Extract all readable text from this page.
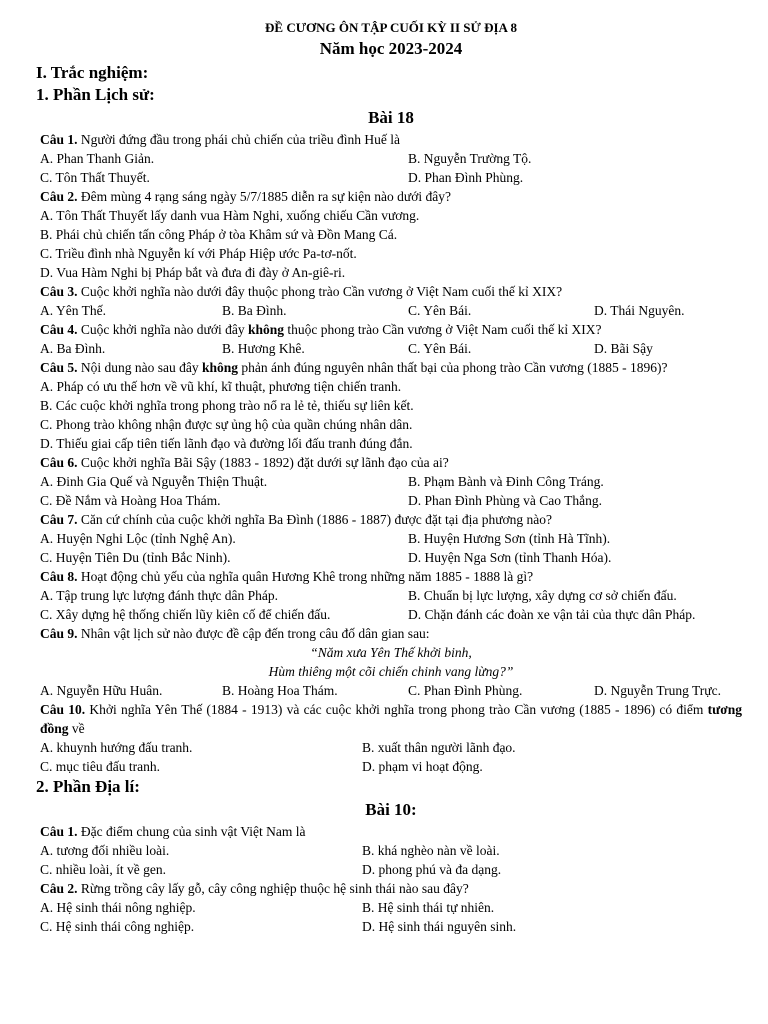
ĐỀ CƯƠNG ÔN TẬP CUỐI KỲ II SỬ ĐỊA 8
Năm học 2023-2024
I. Trắc nghiệm:
1. Phần Lịch sử:
Bài 18
Câu 1. Người đứng đầu trong phái chủ chiến của triều đình Huế là
A. Phan Thanh Giản.	B. Nguyễn Trường Tộ.
C. Tôn Thất Thuyết.	D. Phan Đình Phùng.
Câu 2. Đêm mùng 4 rạng sáng ngày 5/7/1885 diễn ra sự kiện nào dưới đây?
A. Tôn Thất Thuyết lấy danh vua Hàm Nghi, xuống chiếu Cần vương.
B. Phái chủ chiến tấn công Pháp ở tòa Khâm sứ và Đồn Mang Cá.
C. Triều đình nhà Nguyễn kí với Pháp Hiệp ước Pa-tơ-nốt.
D. Vua Hàm Nghi bị Pháp bắt và đưa đi đày ở An-giê-ri.
Câu 3. Cuộc khởi nghĩa nào dưới đây thuộc phong trào Cần vương ở Việt Nam cuối thế kỉ XIX?
A. Yên Thế.	B. Ba Đình.	C. Yên Bái.	D. Thái Nguyên.
Câu 4. Cuộc khởi nghĩa nào dưới đây không thuộc phong trào Cần vương ở Việt Nam cuối thế kỉ XIX?
A. Ba Đình.	B. Hương Khê.	C. Yên Bái.	D. Bãi Sậy
Câu 5. Nội dung nào sau đây không phản ánh đúng nguyên nhân thất bại của phong trào Cần vương (1885 - 1896)?
A. Pháp có ưu thế hơn về vũ khí, kĩ thuật, phương tiện chiến tranh.
B. Các cuộc khởi nghĩa trong phong trào nổ ra lẻ tẻ, thiếu sự liên kết.
C. Phong trào không nhận được sự ủng hộ của quần chúng nhân dân.
D. Thiếu giai cấp tiên tiến lãnh đạo và đường lối đấu tranh đúng đắn.
Câu 6. Cuộc khởi nghĩa Bãi Sậy (1883 - 1892) đặt dưới sự lãnh đạo của ai?
A. Đinh Gia Quế và Nguyễn Thiện Thuật.	B. Phạm Bành và Đinh Công Tráng.
C. Đề Nắm và Hoàng Hoa Thám.	D. Phan Đình Phùng và Cao Thắng.
Câu 7. Căn cứ chính của cuộc khởi nghĩa Ba Đình (1886 - 1887) được đặt tại địa phương nào?
A. Huyện Nghi Lộc (tỉnh Nghệ An).	B. Huyện Hương Sơn (tỉnh Hà Tĩnh).
C. Huyện Tiên Du (tỉnh Bắc Ninh).	D. Huyện Nga Sơn (tỉnh Thanh Hóa).
Câu 8. Hoạt động chủ yếu của nghĩa quân Hương Khê trong những năm 1885 - 1888 là gì?
A. Tập trung lực lượng đánh thực dân Pháp.	B. Chuẩn bị lực lượng, xây dựng cơ sở chiến đấu.
C. Xây dựng hệ thống chiến lũy kiên cố để chiến đấu.	D. Chặn đánh các đoàn xe vận tải của thực dân Pháp.
Câu 9. Nhân vật lịch sử nào được đề cập đến trong câu đố dân gian sau:
“Năm xưa Yên Thế khởi binh,
Hùm thiêng một cõi chiến chinh vang lừng?”
A. Nguyễn Hữu Huân.	B. Hoàng Hoa Thám.	C. Phan Đình Phùng.	D. Nguyễn Trung Trực.
Câu 10. Khởi nghĩa Yên Thế (1884 - 1913) và các cuộc khởi nghĩa trong phong trào Cần vương (1885 - 1896) có điểm tương đồng về
A. khuynh hướng đấu tranh.	B. xuất thân người lãnh đạo.
C. mục tiêu đấu tranh.	D. phạm vi hoạt động.
2. Phần Địa lí:
Bài 10:
Câu 1. Đặc điểm chung của sinh vật Việt Nam là
A. tương đối nhiều loài.	B. khá nghèo nàn về loài.
C. nhiều loài, ít về gen.	D. phong phú và đa dạng.
Câu 2. Rừng trồng cây lấy gỗ, cây công nghiệp thuộc hệ sinh thái nào sau đây?
A. Hệ sinh thái nông nghiệp.	B. Hệ sinh thái tự nhiên.
C. Hệ sinh thái công nghiệp.	D. Hệ sinh thái nguyên sinh.
